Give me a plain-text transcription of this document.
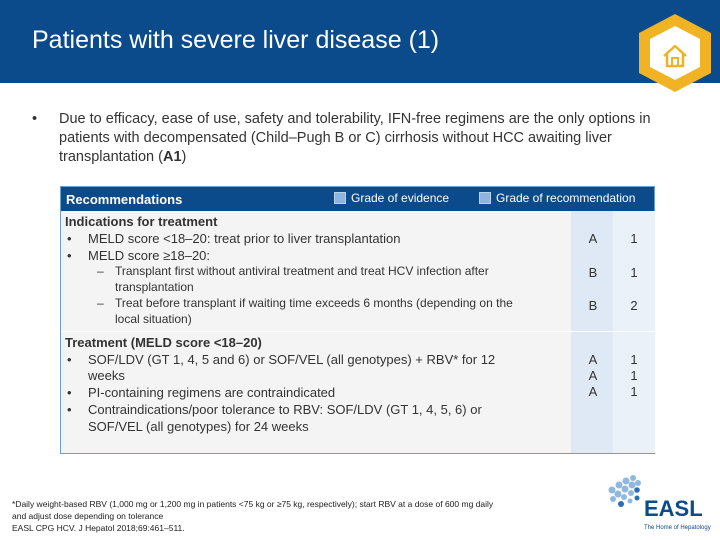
Patients with severe liver disease (1)
• Due to efficacy, ease of use, safety and tolerability, IFN-free regimens are the only options in patients with decompensated (Child–Pugh B or C) cirrhosis without HCC awaiting liver transplantation (A1)
Recommendations	Grade of evidence	Grade of recommendation
Indications for treatment
• MELD score <18–20: treat prior to liver transplantation	A	1
• MELD score ≥18–20:
– Transplant first without antiviral treatment and treat HCV infection after
transplantation
B	1
– Treat before transplant if waiting time exceeds 6 months (depending on the
local situation)
B	2
Treatment (MELD score <18–20)
• SOF/LDV (GT 1, 4, 5 and 6) or SOF/VEL (all genotypes) + RBV* for 12
weeks
A	1
• PI-containing regimens are contraindicated
A	1
• Contraindications/poor tolerance to RBV: SOF/LDV (GT 1, 4, 5, 6) or
SOF/VEL (all genotypes) for 24 weeks
A	1
*Daily weight-based RBV (1,000 mg or 1,200 mg in patients <75 kg or ≥75 kg, respectively); start RBV at a dose of 600 mg daily
and adjust dose depending on tolerance
EASL CPG HCV. J Hepatol 2018;69:461–511.
EASL
The Home of Hepatology
